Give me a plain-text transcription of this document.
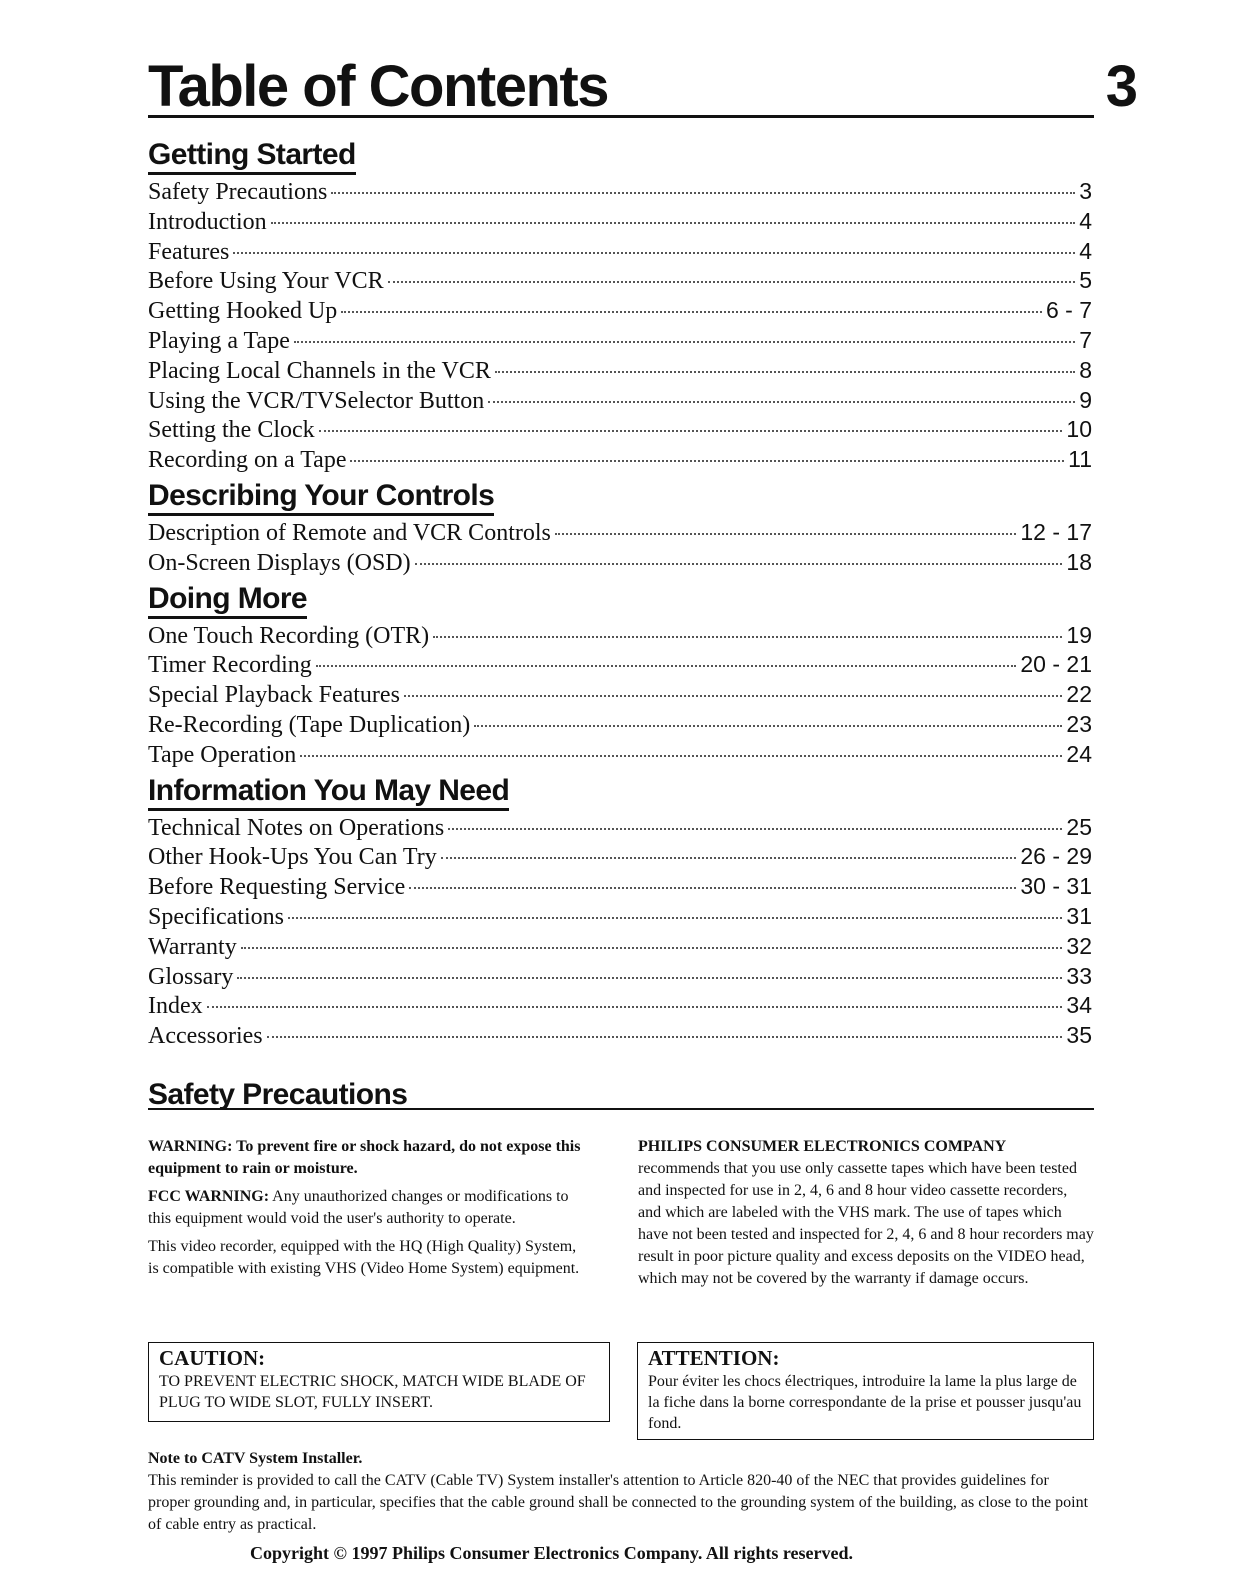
Table of Contents	3
Getting Started
Safety Precautions	3
Introduction	4
Features	4
Before Using Your VCR	5
Getting Hooked Up	6 - 7
Playing a Tape	7
Placing Local Channels in the VCR	8
Using the VCR/TVSelector Button	9
Setting the Clock	10
Recording on a Tape	11
Describing Your Controls
Description of Remote and VCR Controls	12 - 17
On-Screen Displays (OSD)	18
Doing More
One Touch Recording (OTR)	19
Timer Recording	20 - 21
Special Playback Features	22
Re-Recording (Tape Duplication)	23
Tape Operation	24
Information You May Need
Technical Notes on Operations	25
Other Hook-Ups You Can Try	26 - 29
Before Requesting Service	30 - 31
Specifications	31
Warranty	32
Glossary	33
Index	34
Accessories	35
Safety Precautions

WARNING: To prevent fire or shock hazard, do not expose this equipment to rain or moisture.

FCC WARNING: Any unauthorized changes or modifications to this equipment would void the user's authority to operate.

This video recorder, equipped with the HQ (High Quality) System, is compatible with existing VHS (Video Home System) equipment.

PHILIPS CONSUMER ELECTRONICS COMPANY
recommends that you use only cassette tapes which have been tested and inspected for use in 2, 4, 6 and 8 hour video cassette recorders, and which are labeled with the VHS mark. The use of tapes which have not been tested and inspected for 2, 4, 6 and 8 hour recorders may result in poor picture quality and excess deposits on the VIDEO head, which may not be covered by the warranty if damage occurs.
CAUTION:
TO PREVENT ELECTRIC SHOCK, MATCH WIDE BLADE OF PLUG TO WIDE SLOT, FULLY INSERT.
ATTENTION:
Pour éviter les chocs électriques, introduire la lame la plus large de la fiche dans la borne correspondante de la prise et pousser jusqu'au fond.
Note to CATV System Installer.
This reminder is provided to call the CATV (Cable TV) System installer's attention to Article 820-40 of the NEC that provides guidelines for proper grounding and, in particular, specifies that the cable ground shall be connected to the grounding system of the building, as close to the point of cable entry as practical.
Copyright © 1997 Philips Consumer Electronics Company. All rights reserved.
